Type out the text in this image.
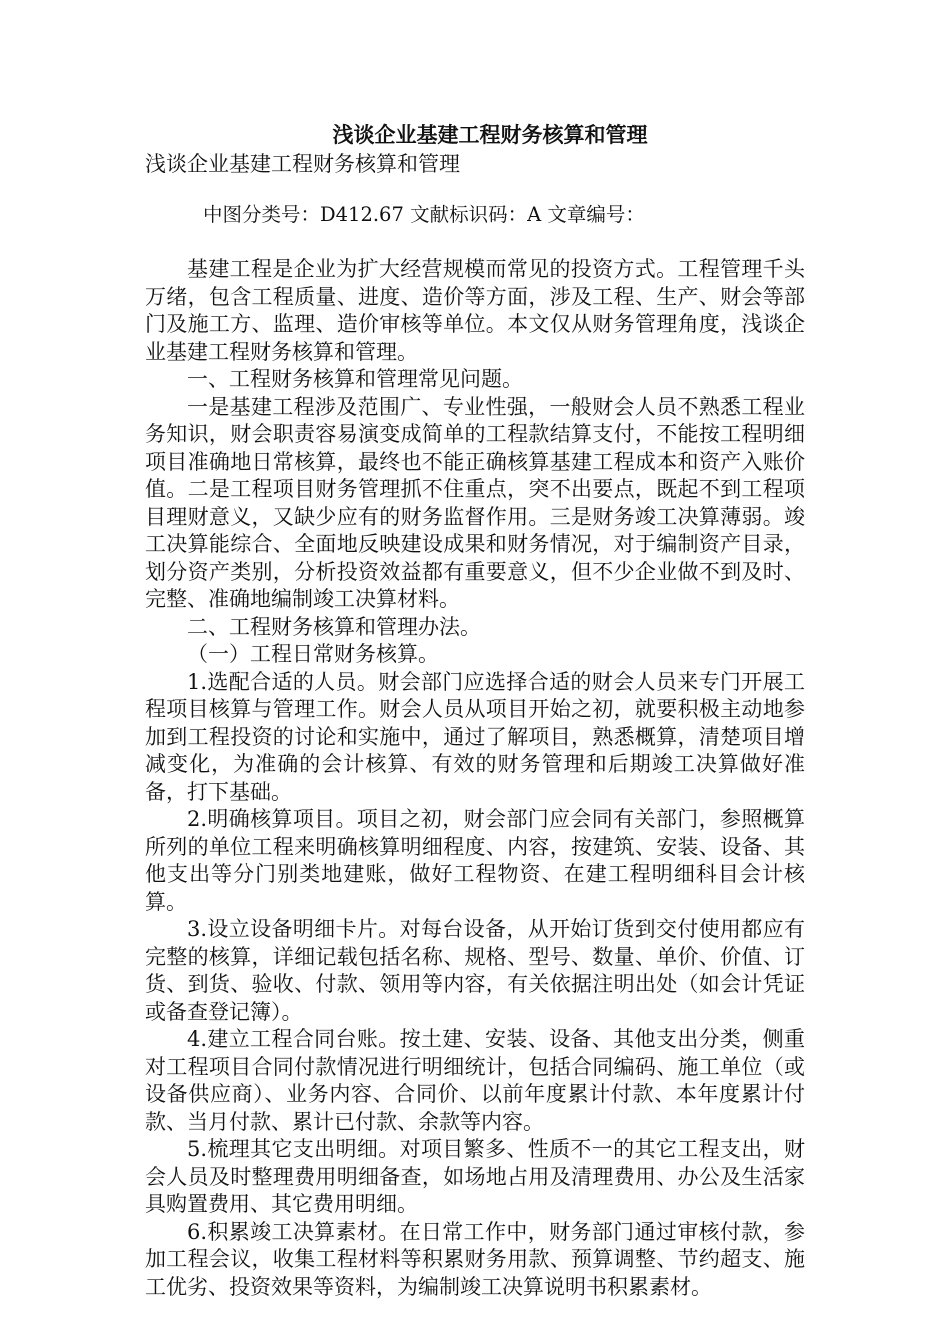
浅谈企业基建工程财务核算和管理
浅谈企业基建工程财务核算和管理
中图分类号：D412.67 文献标识码：A 文章编号：

基建工程是企业为扩大经营规模而常见的投资方式。工程管理千头万绪，包含工程质量、进度、造价等方面，涉及工程、生产、财会等部门及施工方、监理、造价审核等单位。本文仅从财务管理角度，浅谈企业基建工程财务核算和管理。

一、工程财务核算和管理常见问题。

一是基建工程涉及范围广、专业性强，一般财会人员不熟悉工程业务知识，财会职责容易演变成简单的工程款结算支付，不能按工程明细项目准确地日常核算，最终也不能正确核算基建工程成本和资产入账价值。二是工程项目财务管理抓不住重点，突不出要点，既起不到工程项目理财意义，又缺少应有的财务监督作用。三是财务竣工决算薄弱。竣工决算能综合、全面地反映建设成果和财务情况，对于编制资产目录，划分资产类别，分析投资效益都有重要意义，但不少企业做不到及时、完整、准确地编制竣工决算材料。

二、工程财务核算和管理办法。

（一）工程日常财务核算。

1.选配合适的人员。财会部门应选择合适的财会人员来专门开展工程项目核算与管理工作。财会人员从项目开始之初，就要积极主动地参加到工程投资的讨论和实施中，通过了解项目，熟悉概算，清楚项目增减变化，为准确的会计核算、有效的财务管理和后期竣工决算做好准备，打下基础。

2.明确核算项目。项目之初，财会部门应会同有关部门，参照概算所列的单位工程来明确核算明细程度、内容，按建筑、安装、设备、其他支出等分门别类地建账，做好工程物资、在建工程明细科目会计核算。

3.设立设备明细卡片。对每台设备，从开始订货到交付使用都应有完整的核算，详细记载包括名称、规格、型号、数量、单价、价值、订货、到货、验收、付款、领用等内容，有关依据注明出处（如会计凭证或备查登记簿）。

4.建立工程合同台账。按土建、安装、设备、其他支出分类，侧重对工程项目合同付款情况进行明细统计，包括合同编码、施工单位（或设备供应商）、业务内容、合同价、以前年度累计付款、本年度累计付款、当月付款、累计已付款、余款等内容。

5.梳理其它支出明细。对项目繁多、性质不一的其它工程支出，财会人员及时整理费用明细备查，如场地占用及清理费用、办公及生活家具购置费用、其它费用明细。

6.积累竣工决算素材。在日常工作中，财务部门通过审核付款，参加工程会议，收集工程材料等积累财务用款、预算调整、节约超支、施工优劣、投资效果等资料，为编制竣工决算说明书积累素材。
